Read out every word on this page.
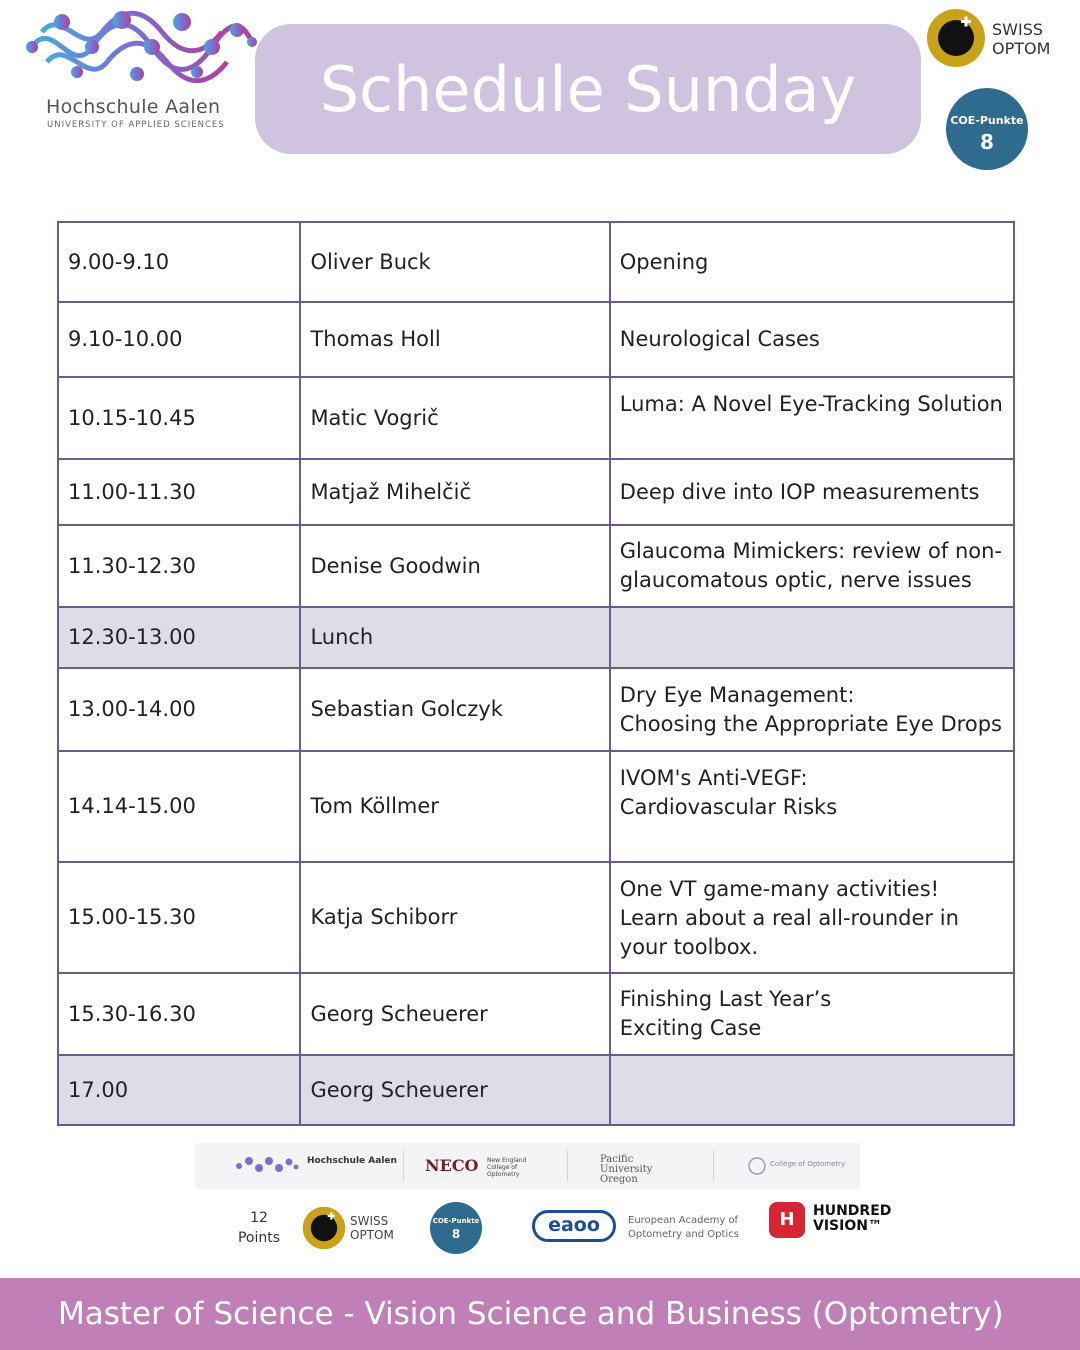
Hochschule Aalen
UNIVERSITY OF APPLIED SCIENCES Schedule Sunday
SWISS
OPTOM
COE-Punkte
8
9.00-9.10	Oliver Buck	Opening
9.10-10.00	Thomas Holl	Neurological Cases
10.15-10.45	Matic Vogrič	Luma: A Novel Eye-Tracking Solution
11.00-11.30	Matjaž Mihelčič	Deep dive into IOP measurements
11.30-12.30	Denise Goodwin	Glaucoma Mimickers: review of non-glaucomatous optic, nerve issues
12.30-13.00	Lunch	
13.00-14.00	Sebastian Golczyk	Dry Eye Management:
Choosing the Appropriate Eye Drops
14.14-15.00	Tom Köllmer	IVOM's Anti-VEGF:
Cardiovascular Risks
15.00-15.30	Katja Schiborr	One VT game-many activities! Learn about a real all-rounder in your toolbox.
15.30-16.30	Georg Scheuerer	Finishing Last Year’s
Exciting Case
17.00	Georg Scheuerer	
Hochschule Aalen NECO New England College of Optometry
Pacific University Oregon
College of Optometry
12
Points
SWISS
OPTOM
COE-Punkte
8	eaoo	European Academy of
Optometry and Optics
H	HUNDRED
VISION™
Master of Science - Vision Science and Business (Optometry)
